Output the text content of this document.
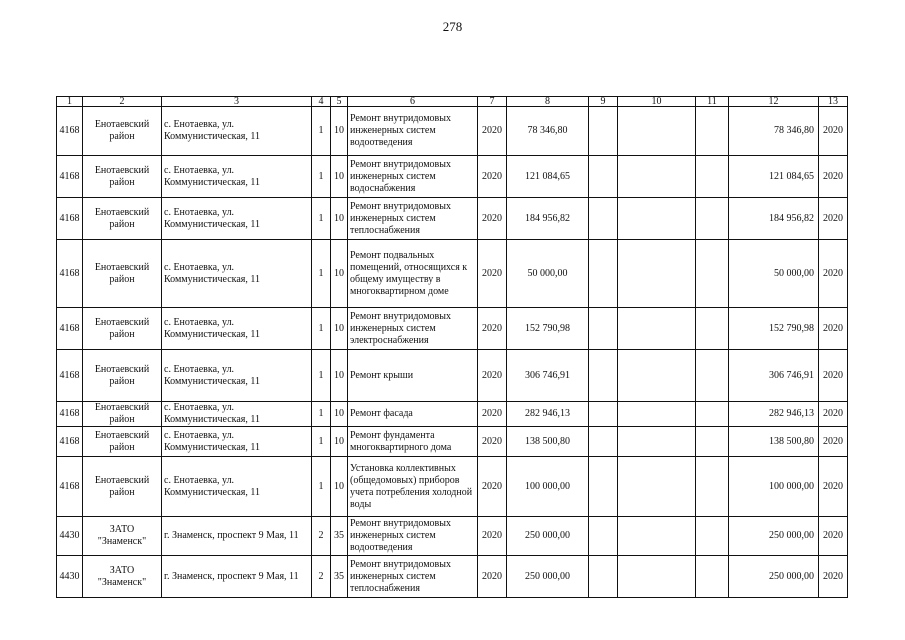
278
1	2	3	4	5	6	7	8	9	10	11	12	13
4168	Енотаевский район	с. Енотаевка, ул. Коммунистическая, 11	1	10	Ремонт внутридомовых инженерных систем водоотведения	2020	78 346,80				78 346,80	2020
4168	Енотаевский район	с. Енотаевка, ул. Коммунистическая, 11	1	10	Ремонт внутридомовых инженерных систем водоснабжения	2020	121 084,65				121 084,65	2020
4168	Енотаевский район	с. Енотаевка, ул. Коммунистическая, 11	1	10	Ремонт внутридомовых инженерных систем теплоснабжения	2020	184 956,82				184 956,82	2020
4168	Енотаевский район	с. Енотаевка, ул. Коммунистическая, 11	1	10	Ремонт подвальных помещений, относящихся к общему имуществу в многоквартирном доме	2020	50 000,00				50 000,00	2020
4168	Енотаевский район	с. Енотаевка, ул. Коммунистическая, 11	1	10	Ремонт внутридомовых инженерных систем электроснабжения	2020	152 790,98				152 790,98	2020
4168	Енотаевский район	с. Енотаевка, ул. Коммунистическая, 11	1	10	Ремонт крыши	2020	306 746,91				306 746,91	2020
4168	Енотаевский район	с. Енотаевка, ул. Коммунистическая, 11	1	10	Ремонт фасада	2020	282 946,13				282 946,13	2020
4168	Енотаевский район	с. Енотаевка, ул. Коммунистическая, 11	1	10	Ремонт фундамента многоквартирного дома	2020	138 500,80				138 500,80	2020
4168	Енотаевский район	с. Енотаевка, ул. Коммунистическая, 11	1	10	Установка коллективных (общедомовых) приборов учета потребления холодной воды	2020	100 000,00				100 000,00	2020
4430	ЗАТО "Знаменск"	г. Знаменск, проспект 9 Мая, 11	2	35	Ремонт внутридомовых инженерных систем водоотведения	2020	250 000,00				250 000,00	2020
4430	ЗАТО "Знаменск"	г. Знаменск, проспект 9 Мая, 11	2	35	Ремонт внутридомовых инженерных систем теплоснабжения	2020	250 000,00				250 000,00	2020
